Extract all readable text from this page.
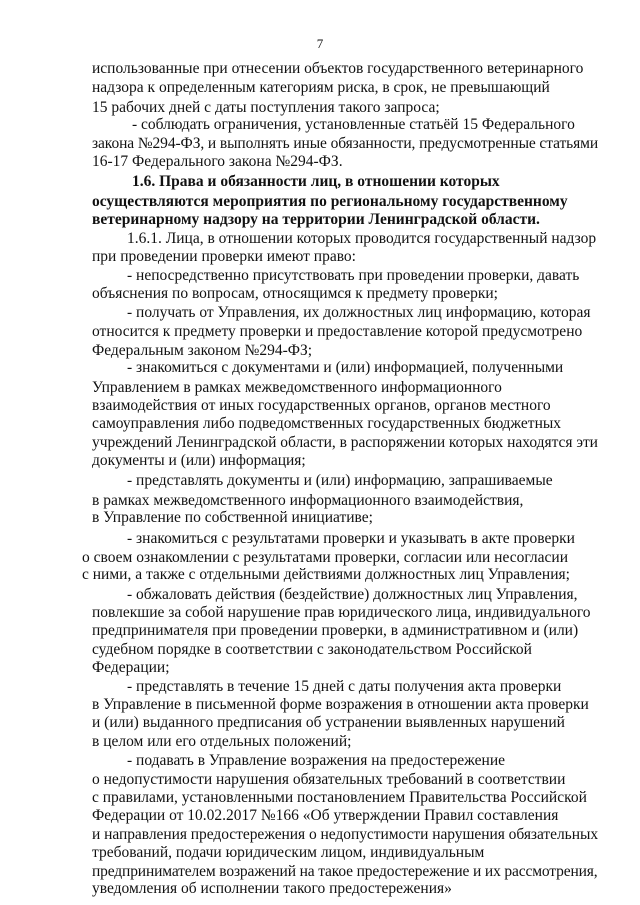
7
использованные при отнесении объектов государственного ветеринарного
надзора к определенным категориям риска, в срок, не превышающий
15 рабочих дней с даты поступления такого запроса;
- соблюдать ограничения, установленные статьёй 15 Федерального
закона №294-ФЗ, и выполнять иные обязанности, предусмотренные статьями
16-17 Федерального закона №294-ФЗ.
1.6. Права и обязанности лиц, в отношении которых
осуществляются мероприятия по региональному государственному
ветеринарному надзору на территории Ленинградской области.
1.6.1. Лица, в отношении которых проводится государственный надзор
при проведении проверки имеют право:
- непосредственно присутствовать при проведении проверки, давать
объяснения по вопросам, относящимся к предмету проверки;
- получать от Управления, их должностных лиц информацию, которая
относится к предмету проверки и предоставление которой предусмотрено
Федеральным законом №294-ФЗ;
- знакомиться с документами и (или) информацией, полученными
Управлением в рамках межведомственного информационного
взаимодействия от иных государственных органов, органов местного
самоуправления либо подведомственных государственных бюджетных
учреждений Ленинградской области, в распоряжении которых находятся эти
документы и (или) информация;
- представлять документы и (или) информацию, запрашиваемые
в рамках межведомственного информационного взаимодействия,
в Управление по собственной инициативе;
- знакомиться с результатами проверки и указывать в акте проверки
о своем ознакомлении с результатами проверки, согласии или несогласии
с ними, а также с отдельными действиями должностных лиц Управления;
- обжаловать действия (бездействие) должностных лиц Управления,
повлекшие за собой нарушение прав юридического лица, индивидуального
предпринимателя при проведении проверки, в административном и (или)
судебном порядке в соответствии с законодательством Российской
Федерации;
- представлять в течение 15 дней с даты получения акта проверки
в Управление в письменной форме возражения в отношении акта проверки
и (или) выданного предписания об устранении выявленных нарушений
в целом или его отдельных положений;
- подавать в Управление возражения на предостережение
о недопустимости нарушения обязательных требований в соответствии
с правилами, установленными постановлением Правительства Российской
Федерации от 10.02.2017 №166 «Об утверждении Правил составления
и направления предостережения о недопустимости нарушения обязательных
требований, подачи юридическим лицом, индивидуальным
предпринимателем возражений на такое предостережение и их рассмотрения,
уведомления об исполнении такого предостережения»
